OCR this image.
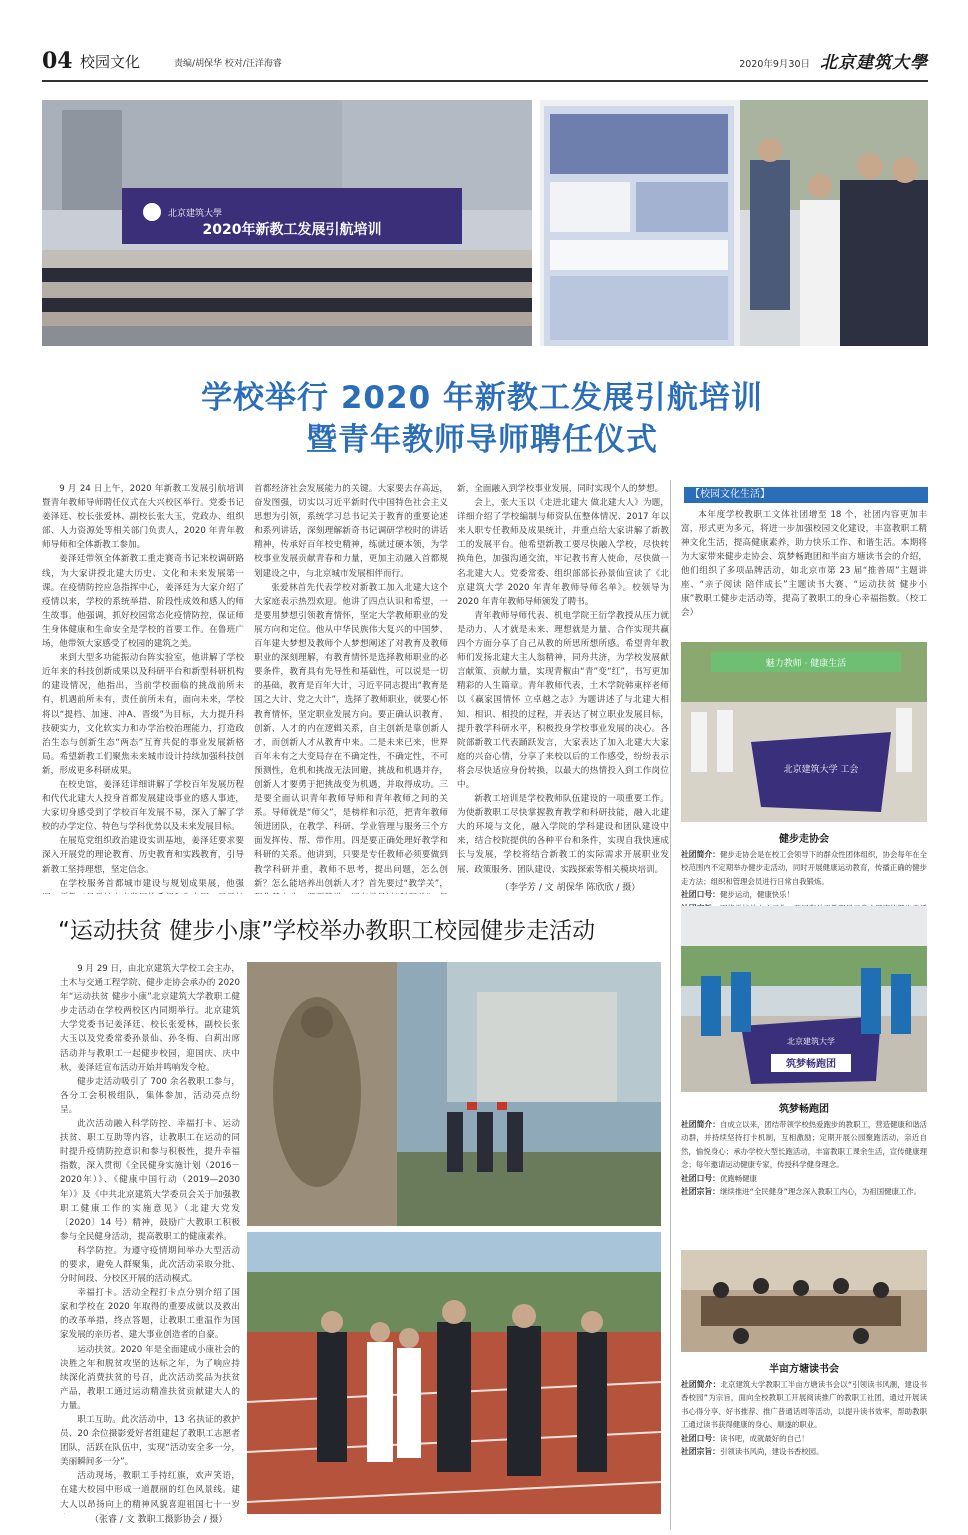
04 校园文化	责编/胡保华 校对/汪洋海睿	2020年9月30日 北京建筑大學
北京建筑大學
2020年新教工发展引航培训
学校举行 2020 年新教工发展引航培训
暨青年教师导师聘任仪式

9 月 24 日上午，2020 年新教工发展引航培训暨青年教师导师聘任仪式在大兴校区举行。党委书记姜泽廷、校长张爱林、副校长张大玉，党政办、组织部、人力资源处等相关部门负责人，2020 年青年教师导师和全体新教工参加。

姜泽廷带领全体新教工重走赛奇书记来校调研路线，为大家讲授北建大历史、文化和未来发展第一课。在疫情防控应急指挥中心，姜泽廷为大家介绍了疫情以来，学校的系统举措、阶段性成效和感人的师生故事。他强调，抓好校园常态化疫情防控，保证师生身体健康和生命安全是学校的首要工作。在鲁班广场，他带领大家感受了校园的建筑之美。

来到大型多功能振动台阵实验室，他讲解了学校近年来的科技创新成果以及科研平台和新型科研机构的建设情况，他指出，当前学校面临的挑战前所未有，机遇前所未有，责任前所未有，面向未来，学校将以“提档、加速、冲A、晋级”为目标，大力提升科技硬实力，文化软实力和办学治校治理能力，打造政治生态与创新生态“两态”互育共促的事业发展新格局。希望新教工们聚焦未来城市设计持续加强科技创新，形成更多科研成果。

在校史馆，姜泽廷详细讲解了学校百年发展历程和代代北建大人投身首都发展建设事业的感人事迹，大家切身感受到了学校百年发展不易，深入了解了学校的办学定位、特色与学科优势以及未来发展目标。

在展览党组织政治建设实训基地，姜泽廷要求要深入开展党的理论教育、历史教育和实践教育，引导新教工坚持理想，坚定信念。

在学校服务首都城市建设与规划成果展，他强

首都经济社会发展能力的关键。大家要去存高远，奋发图强，切实以习近平新时代中国特色社会主义思想为引领，系统学习总书记关于教育的重要论述和系列讲话，深刻理解新奇书记调研学校时的讲话精神，传承好百年校史精神，练就过硬本领，为学校事业发展贡献青春和力量，更加主动融入首都规划建设之中，与北京城市发展相伴而行。

张爱林首先代表学校对新教工加入北建大这个大家庭表示热烈欢迎。他讲了四点认识和希望，一是要用梦想引领教育情怀，坚定大学教师职业的发展方向和定位。他从中华民族伟大复兴的中国梦、百年建大梦想及教师个人梦想阐述了对教育及教师职业的深刻理解，有教育情怀是选择教师职业的必要条件，教育具有先导性和基础性，可以说是一切的基础，教育是百年大计，习近平同志提出“教育是国之大计、党之大计”，选择了教师职业，就要心怀教育情怀，坚定职业发展方向。要正确认识教育、创新、人才的内在逻辑关系，自主创新是靠创新人才，而创新人才从教育中来。二是未来已来，世界百年未有之大变局存在不确定性，不确定性，不可预测性，危机和挑战无法回避，挑战和机遇并存，创新人才要勇于把挑战变为机遇，并取得成功。三是要全面认识青年教师导师和青年教师之间的关系。导师就是“师父”，是榜样和示范，把青年教师领进团队，在教学、科研、学业管理与服务三个方面发挥传、帮、带作用。四是要正确处理好教学和科研的关系。他讲到，只要是专任教师必须要做到教学科研并重，教师不思考，提出问题，怎么创新？怎么能培养出创新人才？首先要过“教学关”，

新，全面融入到学校事业发展，同时实现个人的梦想。

会上，张大玉以《走进北建大 做北建大人》为题，详细介绍了学校编制与师资队伍整体情况、2017 年以来人职专任教师及成果统计，并重点给大家讲解了新教工的发展平台。他希望新教工要尽快融入学校，尽快转换角色，加强沟通交流，牢记教书育人使命，尽快做一名北建大人。党委常委、组织部部长孙景仙宣读了《北京建筑大学 2020 年青年教师导师名单》。校领导为 2020 年青年教师导师颁发了聘书。

青年教师导师代表、机电学院王衍学教授从压力就是动力、人才就是未来、理想就是力量、合作实现共赢四个方面分享了自己从教的所思所想所感。希望青年教师们发扬北建大主人翁精神，同舟共济，为学校发展献言献策、贡献力量，实现青椒由“青”变“红”，书写更加精彩的人生篇章。青年教师代表，土木学院韩東梓老师以《赢家国情怀 立卓越之志》为题讲述了与北建大相知、相识、相投的过程，并表达了树立职业发展目标，提升教学科研水平，积极投身学校事业发展的决心。各院部新教工代表踊跃发言，大家表达了加入北建大大家庭的兴奋心情，分享了来校以后的工作感受，纷纷表示将会尽快适应身份转换，以最大的热情投入到工作岗位中。

新教工培训是学校教师队伍建设的一项重要工作。为使新教职工尽快掌握教育教学和科研技能，融入北建大的环境与文化，融入学院的学科建设和团队建设中来，结合校院提供的各种平台和条件，实现自我快速成长与发展，学校将结合新教工的实际需求开展职业发展、政策服务、团队建设、实践探索等相关模块培训。

（李学芳 / 文 胡保华 陈欣欣 / 摄）
“运动扶贫 健步小康”学校举办教职工校园健步走活动

9 月 29 日，由北京建筑大学校工会主办，土木与交通工程学院、健步走协会承办的 2020 年“运动扶贫 健步小康”北京建筑大学教职工健步走活动在学校两校区内同期举行。北京建筑大学党委书记姜泽廷、校长张爱林，副校长张大玉以及党委常委孙景仙、孙冬梅、白莉出席活动并与教职工一起健步校园，迎国庆、庆中秋，姜泽廷宣布活动开始并鸣响发令枪。

健步走活动吸引了 700 余名教职工参与，各分工会积极组队，集体参加，活动亮点纷呈。

此次活动融入科学防控、幸福打卡、运动扶贫、职工互助等内容，让教职工在运动的同时提升疫情防控意识和参与积极性，提升幸福指数，深入贯彻《全民健身实施计划（2016－2020年）》、《健康中国行动（2019—2030 年）》及《中共北京建筑大学委员会关于加强教职工健康工作的实施意见》（北建大党发〔2020〕14 号）精神，鼓励广大教职工积极参与全民健身活动，提高教职工的健康素养。

科学防控。为遵守疫情期间举办大型活动的要求，避免人群聚集，此次活动采取分批、分时间段、分校区开展的活动模式。

幸福打卡。活动全程打卡点分别介绍了国家和学校在 2020 年取得的重要成就以及救出的改革举措，终点答题，让教职工重温作为国家发展的亲历者、建大事业创造者的自豪。

运动扶贫。2020 年是全面建成小康社会的决胜之年和脱贫攻坚的达标之年，为了响应持续深化消费扶贫的号召，此次活动奖品为扶贫产品，教职工通过运动精准扶贫贡献建大人的力量。

职工互助。此次活动中，13 名执证的救护员、20 余位摄影爱好者组建起了教职工志愿者团队，活跃在队伍中，实现“活动安全多一分，美丽瞬间多一分”。

活动现场，教职工手持红旗，欢声笑语，在建大校园中形成一道靓丽的红色风景线。建大人以昂扬向上的精神风貌喜迎祖国七十一岁

（张睿 / 文 教职工摄影协会 / 摄）
【校园文化生活】

本年度学校教职工文体社团增至 18 个，社团内容更加丰富，形式更为多元，将进一步加强校园文化建设，丰富教职工精神文化生活，提高健康素养，助力快乐工作、和谐生活。本期将为大家带来健步走协会、筑梦畅跑团和半亩方塘读书会的介绍，他们组织了多项品牌活动，如北京市第 23 届“推普周”主题讲座、“亲子阅读 陪伴成长”主题读书大赛、“运动扶贫 健步小康”教职工健步走活动等，提高了教职工的身心幸福指数。（校工会）

魅力教师 · 健康生活
北京建筑大学 工会
健步走协会
社团简介：健步走协会是在校工会领导下的群众性团体组织，协会每年在全校范围内不定期举办健步走活动，同时开展健康运动教育，传播正确的健步走方法；组织和管理会员进行日常自我锻炼。
社团口号：健步运动，健康快乐！
北京建筑大学
筑梦畅跑团
筑梦畅跑团
社团简介：自成立以来，团结带领学校热爱跑步的教职工，营造健康和谐活动群，并持续坚持打卡机制，互相激励；定期开展公园聚跑活动，亲近自然，愉悦身心；承办学校大型长跑活动，丰富教职工课余生活，宣传健康理念；每年邀请运动健康专家，传授科学健身理念。
社团口号：优跑畅健康
社团宗旨：继续推进“全民健身”理念深入教职工内心，为祖国健康工作。
半亩方塘读书会
社团简介：北京建筑大学教职工半亩方塘读书会以“引领读书风潮，建设书香校园”为宗旨，面向全校教职工开展阅读推广的教职工社团，通过开展读书心得分享、好书推荐、推广普通话周等活动，以提升读书效率，帮助教职工通过读书获得健康的身心、顺遂的职业。
社团口号：读书吧，成就最好的自己！
社团宗旨：引领读书风尚，建设书香校园。
